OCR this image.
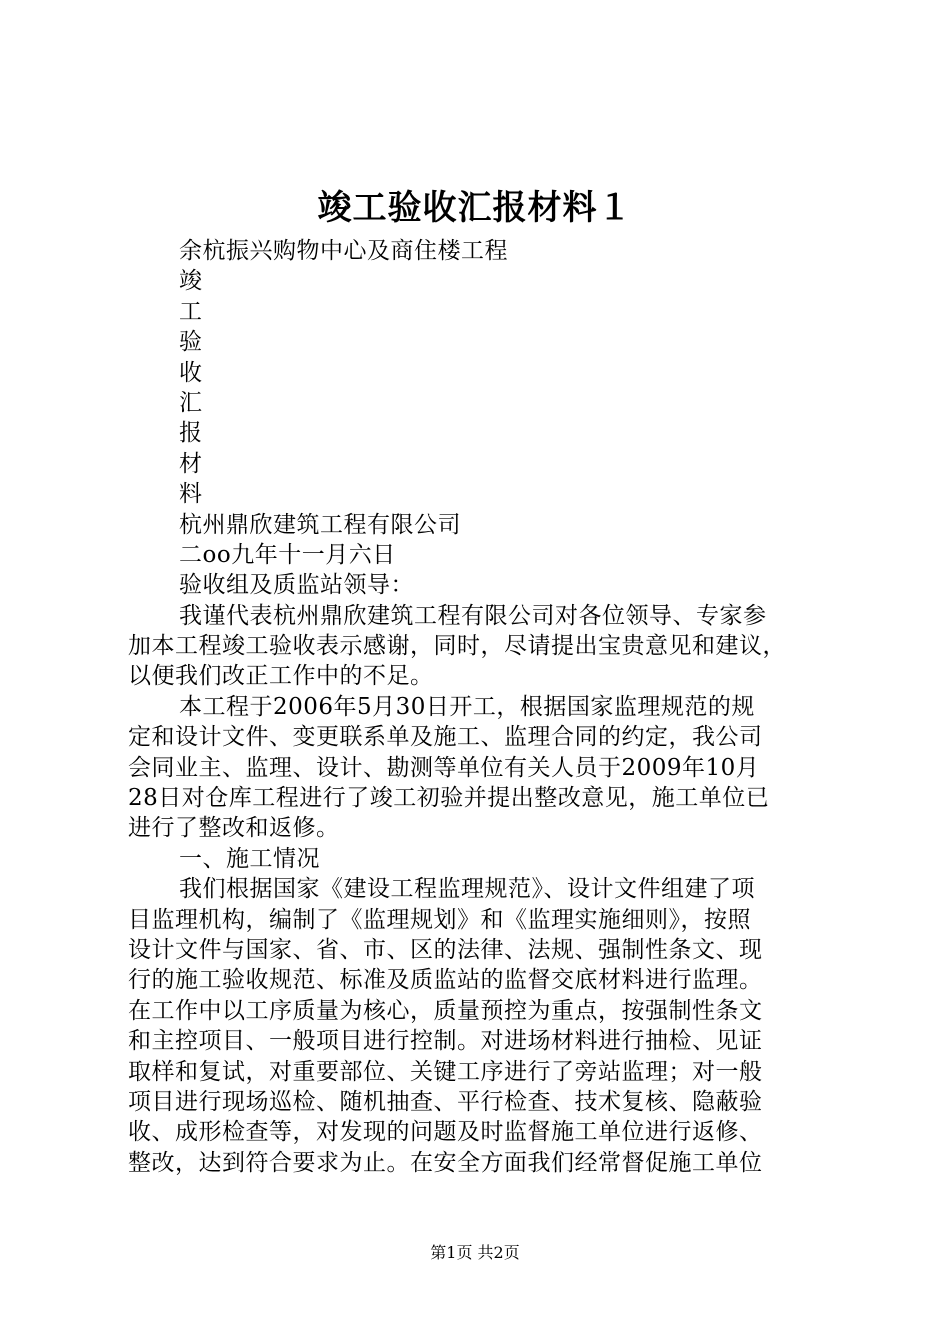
竣工验收汇报材料１
余杭振兴购物中心及商住楼工程
竣
工
验
收
汇
报
材
料
杭州鼎欣建筑工程有限公司
二oo九年十一月六日
验收组及质监站领导：
我谨代表杭州鼎欣建筑工程有限公司对各位领导、专家参
加本工程竣工验收表示感谢，同时，尽请提出宝贵意见和建议，
以便我们改正工作中的不足。
本工程于2006年5月30日开工，根据国家监理规范的规
定和设计文件、变更联系单及施工、监理合同的约定，我公司
会同业主、监理、设计、勘测等单位有关人员于2009年10月
28日对仓库工程进行了竣工初验并提出整改意见，施工单位已
进行了整改和返修。
一、施工情况
我们根据国家《建设工程监理规范》、设计文件组建了项
目监理机构，编制了《监理规划》和《监理实施细则》，按照
设计文件与国家、省、市、区的法律、法规、强制性条文、现
行的施工验收规范、标准及质监站的监督交底材料进行监理。
在工作中以工序质量为核心，质量预控为重点，按强制性条文
和主控项目、一般项目进行控制。对进场材料进行抽检、见证
取样和复试，对重要部位、关键工序进行了旁站监理；对一般
项目进行现场巡检、随机抽查、平行检查、技术复核、隐蔽验
收、成形检查等，对发现的问题及时监督施工单位进行返修、
整改，达到符合要求为止。在安全方面我们经常督促施工单位
第1页 共2页
